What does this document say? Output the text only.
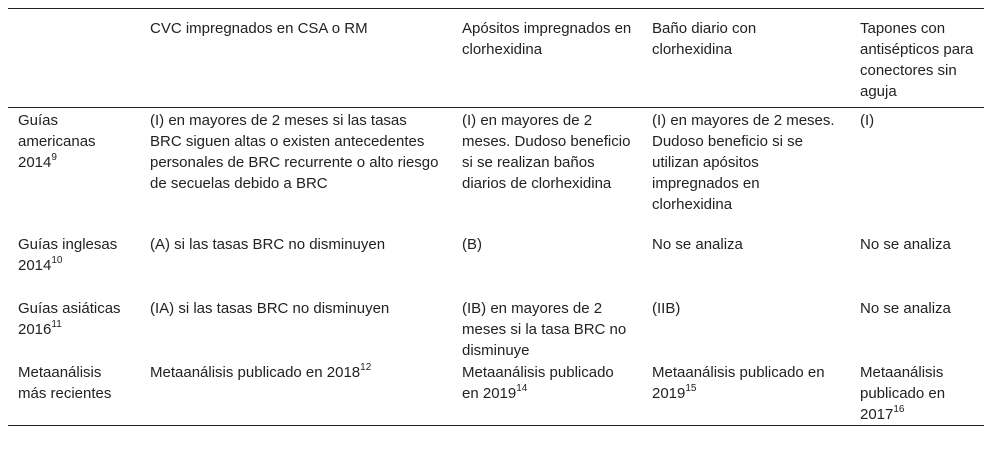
	CVC impregnados en CSA o RM	Apósitos impregnados en clorhexidina	Baño diario con clorhexidina	Tapones con antisépticos para conectores sin aguja
Guías americanas 2014$^9$	(I) en mayores de 2 meses si las tasas BRC siguen altas o existen antecedentes personales de BRC recurrente o alto riesgo de secuelas debido a BRC	(I) en mayores de 2 meses. Dudoso beneficio si se realizan baños diarios de clorhexidina	(I) en mayores de 2 meses. Dudoso beneficio si se utilizan apósitos impregnados en clorhexidina	(I)
Guías inglesas 2014$^{10}$	(A) si las tasas BRC no disminuyen	(B)	No se analiza	No se analiza
Guías asiáticas 2016$^{11}$	(IA) si las tasas BRC no disminuyen	(IB) en mayores de 2 meses si la tasa BRC no disminuye	(IIB)	No se analiza
Metaanálisis más recientes	Metaanálisis publicado en 2018$^{12}$	Metaanálisis publicado en 2019$^{14}$	Metaanálisis publicado en 2019$^{15}$	Metaanálisis publicado en 2017$^{16}$
